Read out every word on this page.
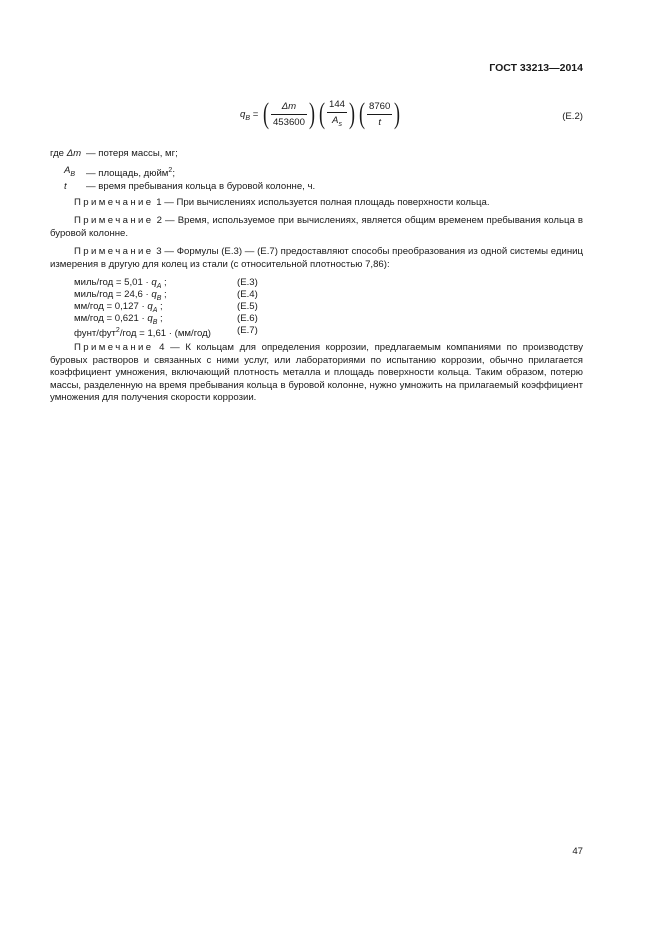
ГОСТ 33213—2014
$q_B$ = ( $\frac{\Delta m}{453600}$ ) ( $\frac{144}{A_s}$ ) ( $\frac{8760}{t}$ )	(E.2)
где Δm — потеря массы, мг;
$A_B$ — площадь, дюйм$^2$;
t — время пребывания кольца в буровой колонне, ч.
Примечание 1 — При вычислениях используется полная площадь поверхности кольца.
Примечание 2 — Время, используемое при вычислениях, является общим временем пребывания кольца в буровой колонне.
Примечание 3 — Формулы (E.3) — (E.7) предоставляют способы преобразования из одной системы единиц измерения в другую для колец из стали (с относительной плотностью 7,86):
миль/год = $5,01 \cdot q_A$ ;	(E.3)
миль/год = $24,6 \cdot q_B$ ;	(E.4)
$мм/год = 0,127 \cdot q_A$ ;	(E.5)
$мм/год = 0,621 \cdot q_B$ ;	(E.6)
фунт/фут$^2$/год = 1,61 · (мм/год)	(E.7)
Примечание 4 — К кольцам для определения коррозии, предлагаемым компаниями по производству буровых растворов и связанных с ними услуг, или лабораториями по испытанию коррозии, обычно прилагается коэффициент умножения, включающий плотность металла и площадь поверхности кольца. Таким образом, потерю массы, разделенную на время пребывания кольца в буровой колонне, нужно умножить на прилагаемый коэффициент умножения для получения скорости коррозии.
47
